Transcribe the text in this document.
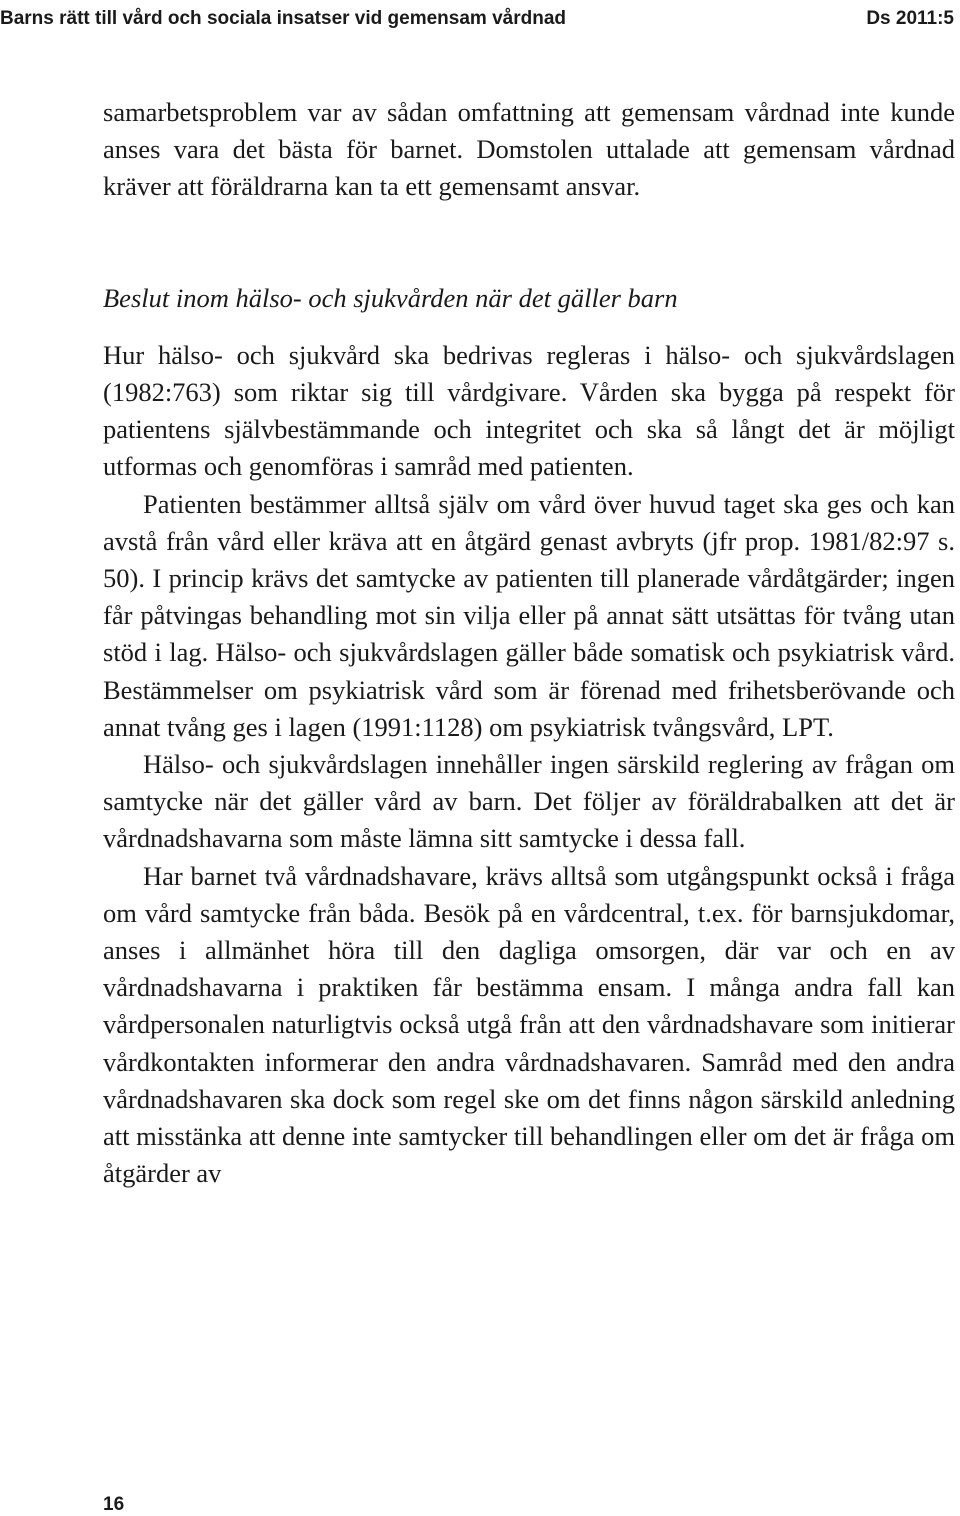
Barns rätt till vård och sociala insatser vid gemensam vårdnad	Ds 2011:5

samarbetsproblem var av sådan omfattning att gemensam vårdnad inte kunde anses vara det bästa för barnet. Domstolen uttalade att gemensam vårdnad kräver att föräldrarna kan ta ett gemensamt ansvar.

Beslut inom hälso- och sjukvården när det gäller barn

Hur hälso- och sjukvård ska bedrivas regleras i hälso- och sjukvårdslagen (1982:763) som riktar sig till vårdgivare. Vården ska bygga på respekt för patientens självbestämmande och integritet och ska så långt det är möjligt utformas och genomföras i samråd med patienten.

Patienten bestämmer alltså själv om vård över huvud taget ska ges och kan avstå från vård eller kräva att en åtgärd genast avbryts (jfr prop. 1981/82:97 s. 50). I princip krävs det samtycke av patienten till planerade vårdåtgärder; ingen får påtvingas behandling mot sin vilja eller på annat sätt utsättas för tvång utan stöd i lag. Hälso- och sjukvårdslagen gäller både somatisk och psykiatrisk vård. Bestämmelser om psykiatrisk vård som är förenad med frihetsberövande och annat tvång ges i lagen (1991:1128) om psykiatrisk tvångsvård, LPT.

Hälso- och sjukvårdslagen innehåller ingen särskild reglering av frågan om samtycke när det gäller vård av barn. Det följer av föräldrabalken att det är vårdnadshavarna som måste lämna sitt samtycke i dessa fall.

Har barnet två vårdnadshavare, krävs alltså som utgångspunkt också i fråga om vård samtycke från båda. Besök på en vårdcentral, t.ex. för barnsjukdomar, anses i allmänhet höra till den dagliga omsorgen, där var och en av vårdnadshavarna i praktiken får bestämma ensam. I många andra fall kan vårdpersonalen naturligtvis också utgå från att den vårdnadshavare som initierar vårdkontakten informerar den andra vårdnadshavaren. Samråd med den andra vårdnadshavaren ska dock som regel ske om det finns någon särskild anledning att misstänka att denne inte samtycker till behandlingen eller om det är fråga om åtgärder av

16
